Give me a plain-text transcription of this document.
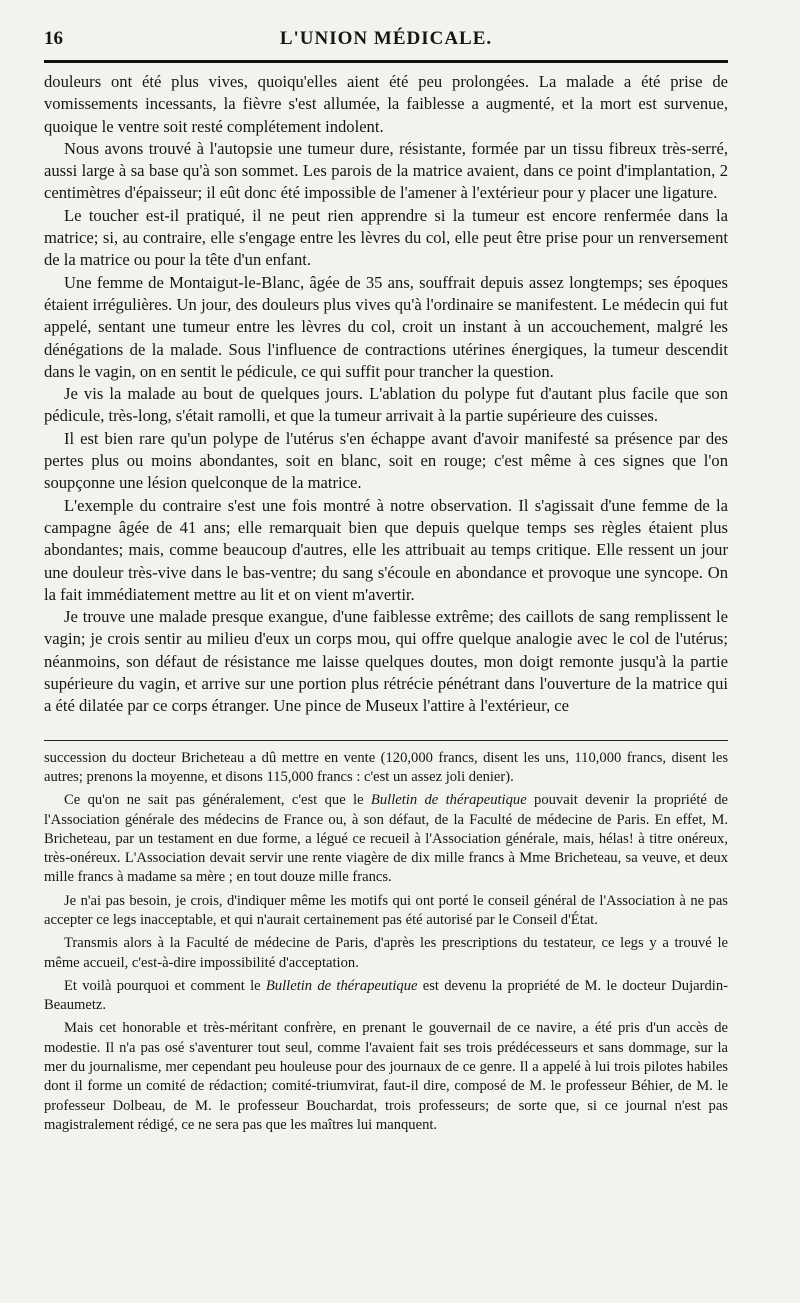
16	L'UNION MÉDICALE.

douleurs ont été plus vives, quoiqu'elles aient été peu prolongées. La malade a été prise de vomissements incessants, la fièvre s'est allumée, la faiblesse a augmenté, et la mort est survenue, quoique le ventre soit resté complétement indolent.

Nous avons trouvé à l'autopsie une tumeur dure, résistante, formée par un tissu fibreux très-serré, aussi large à sa base qu'à son sommet. Les parois de la matrice avaient, dans ce point d'implantation, 2 centimètres d'épaisseur; il eût donc été impossible de l'amener à l'extérieur pour y placer une ligature.

Le toucher est-il pratiqué, il ne peut rien apprendre si la tumeur est encore renfermée dans la matrice; si, au contraire, elle s'engage entre les lèvres du col, elle peut être prise pour un renversement de la matrice ou pour la tête d'un enfant.

Une femme de Montaigut-le-Blanc, âgée de 35 ans, souffrait depuis assez longtemps; ses époques étaient irrégulières. Un jour, des douleurs plus vives qu'à l'ordinaire se manifestent. Le médecin qui fut appelé, sentant une tumeur entre les lèvres du col, croit un instant à un accouchement, malgré les dénégations de la malade. Sous l'influence de contractions utérines énergiques, la tumeur descendit dans le vagin, on en sentit le pédicule, ce qui suffit pour trancher la question.

Je vis la malade au bout de quelques jours. L'ablation du polype fut d'autant plus facile que son pédicule, très-long, s'était ramolli, et que la tumeur arrivait à la partie supérieure des cuisses.

Il est bien rare qu'un polype de l'utérus s'en échappe avant d'avoir manifesté sa présence par des pertes plus ou moins abondantes, soit en blanc, soit en rouge; c'est même à ces signes que l'on soupçonne une lésion quelconque de la matrice.

L'exemple du contraire s'est une fois montré à notre observation. Il s'agissait d'une femme de la campagne âgée de 41 ans; elle remarquait bien que depuis quelque temps ses règles étaient plus abondantes; mais, comme beaucoup d'autres, elle les attribuait au temps critique. Elle ressent un jour une douleur très-vive dans le bas-ventre; du sang s'écoule en abondance et provoque une syncope. On la fait immédiatement mettre au lit et on vient m'avertir.

Je trouve une malade presque exangue, d'une faiblesse extrême; des caillots de sang remplissent le vagin; je crois sentir au milieu d'eux un corps mou, qui offre quelque analogie avec le col de l'utérus; néanmoins, son défaut de résistance me laisse quelques doutes, mon doigt remonte jusqu'à la partie supérieure du vagin, et arrive sur une portion plus rétrécie pénétrant dans l'ouverture de la matrice qui a été dilatée par ce corps étranger. Une pince de Museux l'attire à l'extérieur, ce

succession du docteur Bricheteau a dû mettre en vente (120,000 francs, disent les uns, 110,000 francs, disent les autres; prenons la moyenne, et disons 115,000 francs : c'est un assez joli denier).

Ce qu'on ne sait pas généralement, c'est que le Bulletin de thérapeutique pouvait devenir la propriété de l'Association générale des médecins de France ou, à son défaut, de la Faculté de médecine de Paris. En effet, M. Bricheteau, par un testament en due forme, a légué ce recueil à l'Association générale, mais, hélas! à titre onéreux, très-onéreux. L'Association devait servir une rente viagère de dix mille francs à Mme Bricheteau, sa veuve, et deux mille francs à madame sa mère ; en tout douze mille francs.

Je n'ai pas besoin, je crois, d'indiquer même les motifs qui ont porté le conseil général de l'Association à ne pas accepter ce legs inacceptable, et qui n'aurait certainement pas été autorisé par le Conseil d'État.

Transmis alors à la Faculté de médecine de Paris, d'après les prescriptions du testateur, ce legs y a trouvé le même accueil, c'est-à-dire impossibilité d'acceptation.

Et voilà pourquoi et comment le Bulletin de thérapeutique est devenu la propriété de M. le docteur Dujardin-Beaumetz.

Mais cet honorable et très-méritant confrère, en prenant le gouvernail de ce navire, a été pris d'un accès de modestie. Il n'a pas osé s'aventurer tout seul, comme l'avaient fait ses trois prédécesseurs et sans dommage, sur la mer du journalisme, mer cependant peu houleuse pour des journaux de ce genre. Il a appelé à lui trois pilotes habiles dont il forme un comité de rédaction; comité-triumvirat, faut-il dire, composé de M. le professeur Béhier, de M. le professeur Dolbeau, de M. le professeur Bouchardat, trois professeurs; de sorte que, si ce journal n'est pas magistralement rédigé, ce ne sera pas que les maîtres lui manquent.
